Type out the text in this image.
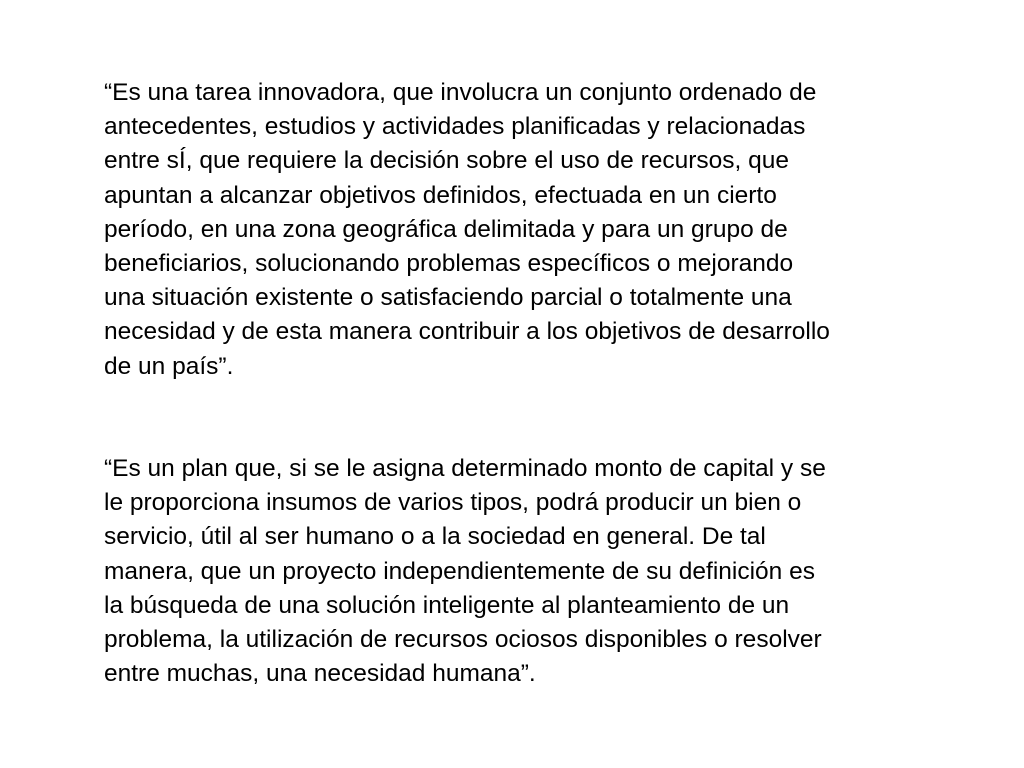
“Es una tarea innovadora, que involucra un conjunto ordenado de
antecedentes, estudios y actividades planificadas y relacionadas
entre sÍ, que requiere la decisión sobre el uso de recursos, que
apuntan a alcanzar objetivos definidos, efectuada en un cierto
período, en una zona geográfica delimitada y para un grupo de
beneficiarios, solucionando problemas específicos o mejorando
una situación existente o satisfaciendo parcial o totalmente una
necesidad y de esta manera contribuir a los objetivos de desarrollo
de un país”.

“Es un plan que, si se le asigna determinado monto de capital y se
le proporciona insumos de varios tipos, podrá producir un bien o
servicio, útil al ser humano o a la sociedad en general. De tal
manera, que un proyecto independientemente de su definición es
la búsqueda de una solución inteligente al planteamiento de un
problema, la utilización de recursos ociosos disponibles o resolver
entre muchas, una necesidad humana”.
